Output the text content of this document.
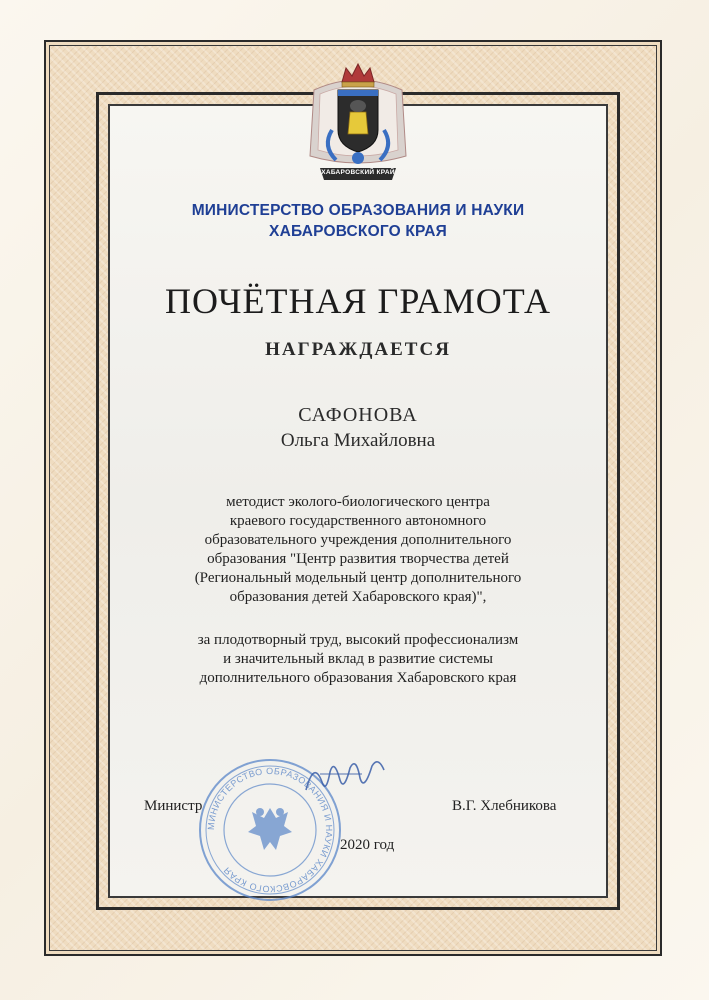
ХАБАРОВСКИЙ КРАЙ
МИНИСТЕРСТВО ОБРАЗОВАНИЯ И НАУКИ
ХАБАРОВСКОГО КРАЯ
ПОЧЁТНАЯ ГРАМОТА
НАГРАЖДАЕТСЯ
САФОНОВА
Ольга Михайловна
методист эколого-биологического центра
краевого государственного автономного
образовательного учреждения дополнительного
образования "Центр развития творчества детей
(Региональный модельный центр дополнительного
образования детей Хабаровского края)",
за плодотворный труд, высокий профессионализм
и значительный вклад в развитие системы
дополнительного образования Хабаровского края
МИНИСТЕРСТВО ОБРАЗОВАНИЯ И НАУКИ ХАБАРОВСКОГО КРАЯ
Министр	В.Г. Хлебникова
2020 год
